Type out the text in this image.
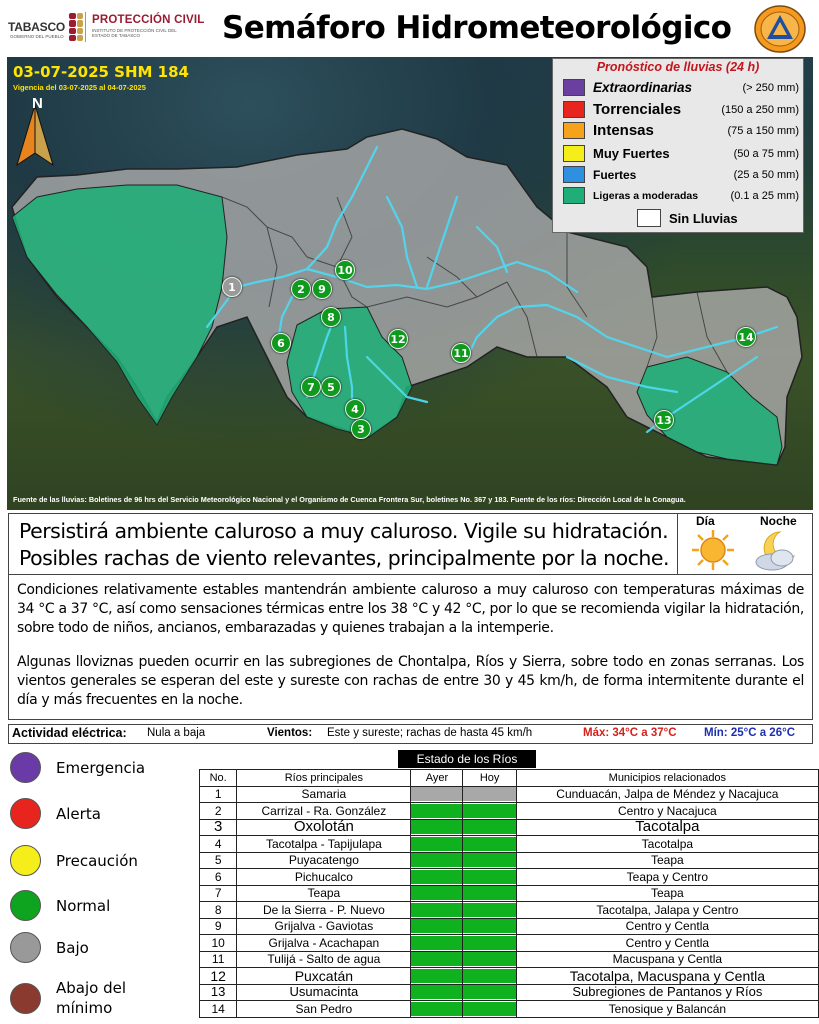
TABASCO
GOBIERNO DEL PUEBLO
PROTECCIÓN CIVIL
INSTITUTO DE PROTECCIÓN CIVIL DEL ESTADO DE TABASCO	Semáforo Hidrometeorológico
03-07-2025 SHM 184
Vigencia del 03-07-2025 al 04-07-2025
N
Pronóstico de lluvias (24 h)
Extraordinarias	(> 250 mm)
Torrenciales	(150 a 250 mm)
Intensas	(75 a 150 mm)
Muy Fuertes	(50 a 75 mm)
Fuertes	(25 a 50 mm)
Ligeras a moderadas	(0.1 a 25 mm)
Sin Lluvias
1	2
3
4
5
6
7
8
9
10
11
12
13
14
Fuente de las lluvias: Boletines de 96 hrs del Servicio Meteorológico Nacional y el Organismo de Cuenca Frontera Sur, boletines No. 367 y 183. Fuente de los ríos: Dirección Local de la Conagua.

Persistirá ambiente caluroso a muy caluroso. Vigile su hidratación.

Posibles rachas de viento relevantes, principalmente por la noche.

Día	Noche

Condiciones relativamente estables mantendrán ambiente caluroso a muy caluroso con temperaturas máximas de 34 °C a 37 °C, así como sensaciones térmicas entre los 38 °C y 42 °C, por lo que se recomienda vigilar la hidratación, sobre todo de niños, ancianos, embarazadas y quienes trabajan a la intemperie.

Algunas lloviznas pueden ocurrir en las subregiones de Chontalpa, Ríos y Sierra, sobre todo en zonas serranas. Los vientos generales se esperan del este y sureste con rachas de entre 30 y 45 km/h, de forma intermitente durante el día y más frecuentes en la noche.

Actividad eléctrica: Nula a baja	Vientos: Este y sureste; rachas de hasta 45 km/h	Máx: 34°C a 37°C Mín: 25°C a 26°C
Emergencia
Alerta
Precaución
Normal
Bajo
Abajo del mínimo
Estado de los Ríos
No.	Ríos principales	Ayer	Hoy	Municipios relacionados
1	Samaria			Cunduacán, Jalpa de Méndez y Nacajuca
2	Carrizal - Ra. González			Centro y Nacajuca
3	Oxolotán			Tacotalpa
4	Tacotalpa - Tapijulapa			Tacotalpa
5	Puyacatengo			Teapa
6	Pichucalco			Teapa y Centro
7	Teapa			Teapa
8	De la Sierra - P. Nuevo			Tacotalpa, Jalapa y Centro
9	Grijalva - Gaviotas			Centro y Centla
10	Grijalva - Acachapan			Centro y Centla
11	Tulijá - Salto de agua			Macuspana y Centla
12	Puxcatán			Tacotalpa, Macuspana y Centla
13	Usumacinta			Subregiones de Pantanos y Ríos
14	San Pedro			Tenosique y Balancán
